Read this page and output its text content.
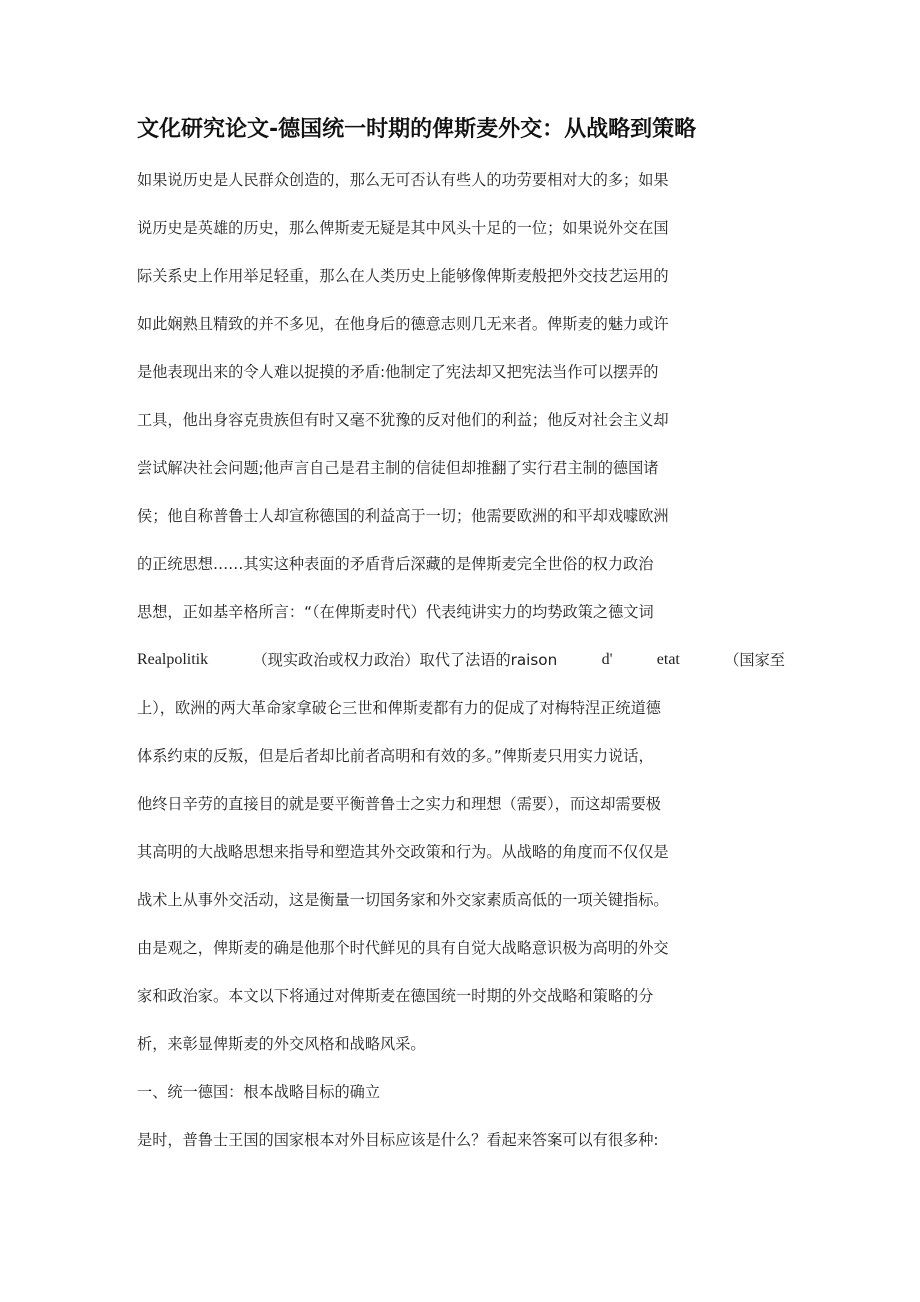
文化研究论文-德国统一时期的俾斯麦外交：从战略到策略
如果说历史是人民群众创造的，那么无可否认有些人的功劳要相对大的多；如果
说历史是英雄的历史，那么俾斯麦无疑是其中风头十足的一位；如果说外交在国
际关系史上作用举足轻重，那么在人类历史上能够像俾斯麦般把外交技艺运用的
如此娴熟且精致的并不多见，在他身后的德意志则几无来者。俾斯麦的魅力或许
是他表现出来的令人难以捉摸的矛盾:他制定了宪法却又把宪法当作可以摆弄的
工具，他出身容克贵族但有时又毫不犹豫的反对他们的利益；他反对社会主义却
尝试解决社会问题;他声言自己是君主制的信徒但却推翻了实行君主制的德国诸
侯；他自称普鲁士人却宣称德国的利益高于一切；他需要欧洲的和平却戏噱欧洲
的正统思想……其实这种表面的矛盾背后深藏的是俾斯麦完全世俗的权力政治
思想，正如基辛格所言：“（在俾斯麦时代）代表纯讲实力的均势政策之德文词
Realpolitik	（现实政治或权力政治）取代了法语的raison	d'	etat	（国家至
上），欧洲的两大革命家拿破仑三世和俾斯麦都有力的促成了对梅特涅正统道德
体系约束的反叛，但是后者却比前者高明和有效的多。”俾斯麦只用实力说话，
他终日辛劳的直接目的就是要平衡普鲁士之实力和理想（需要），而这却需要极
其高明的大战略思想来指导和塑造其外交政策和行为。从战略的角度而不仅仅是
战术上从事外交活动，这是衡量一切国务家和外交家素质高低的一项关键指标。
由是观之，俾斯麦的确是他那个时代鲜见的具有自觉大战略意识极为高明的外交
家和政治家。本文以下将通过对俾斯麦在德国统一时期的外交战略和策略的分
析，来彰显俾斯麦的外交风格和战略风采。
一、统一德国：根本战略目标的确立
是时，普鲁士王国的国家根本对外目标应该是什么？看起来答案可以有很多种:
